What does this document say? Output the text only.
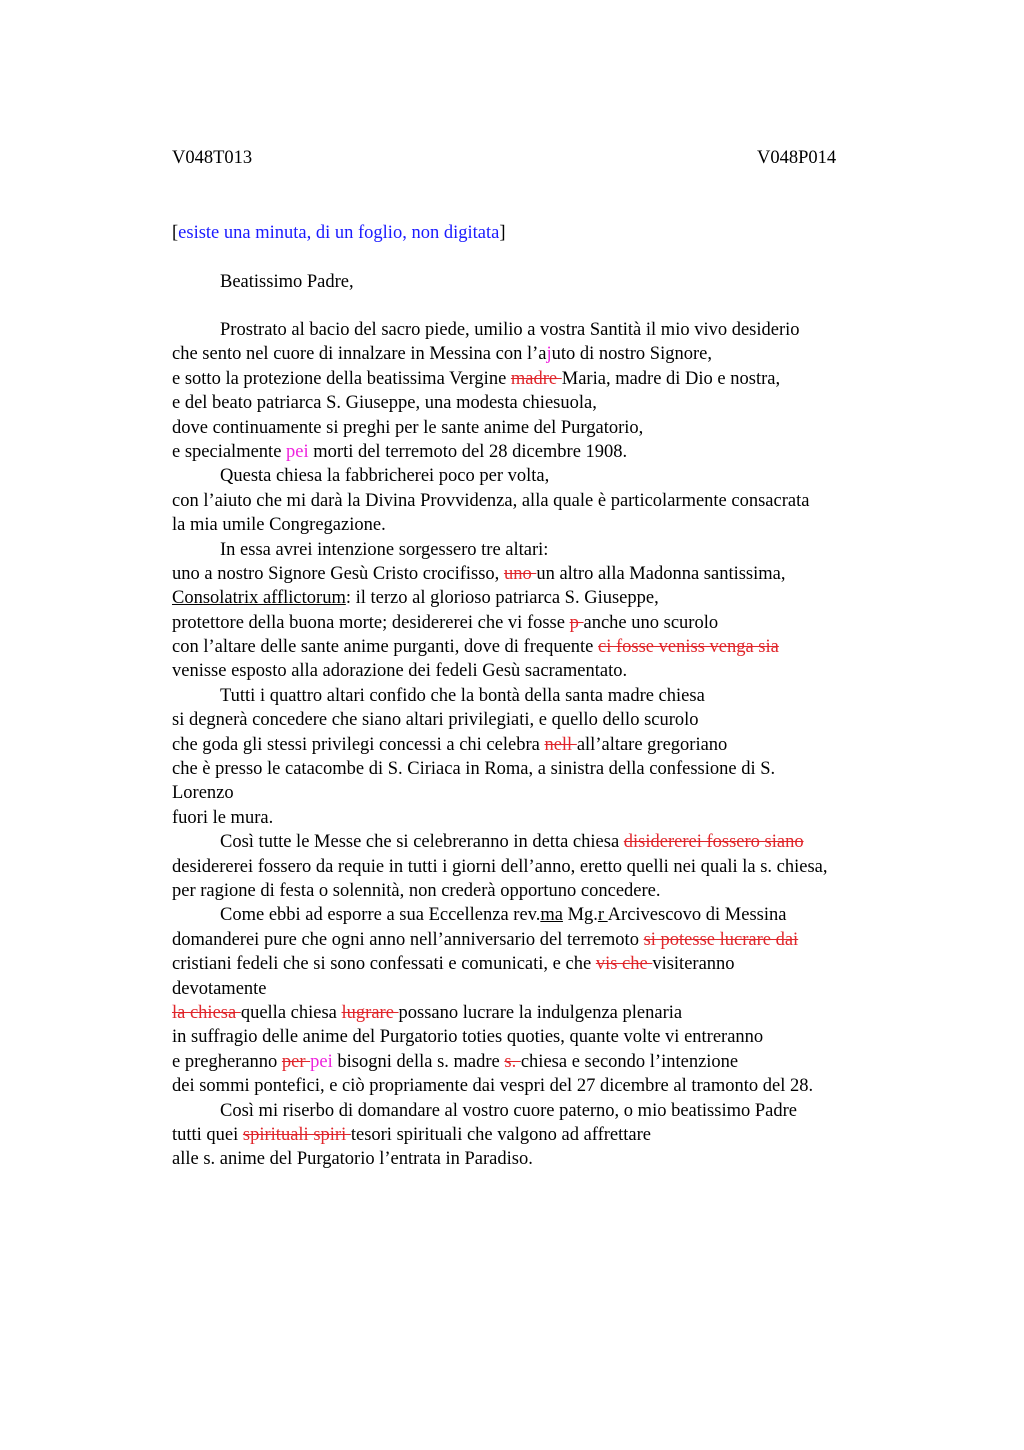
V048T013	V048P014
[esiste una minuta, di un foglio, non digitata]
Beatissimo Padre,
Prostrato al bacio del sacro piede, umilio a vostra Santità il mio vivo desiderio
che sento nel cuore di innalzare in Messina con l’ajuto di nostro Signore,
e sotto la protezione della beatissima Vergine madre Maria, madre di Dio e nostra,
e del beato patriarca S. Giuseppe, una modesta chiesuola,
dove continuamente si preghi per le sante anime del Purgatorio,
e specialmente pei morti del terremoto del 28 dicembre 1908.
Questa chiesa la fabbricherei poco per volta,
con l’aiuto che mi darà la Divina Provvidenza, alla quale è particolarmente consacrata
la mia umile Congregazione.
In essa avrei intenzione sorgessero tre altari:
uno a nostro Signore Gesù Cristo crocifisso, uno un altro alla Madonna santissima,
Consolatrix afflictorum: il terzo al glorioso patriarca S. Giuseppe,
protettore della buona morte; desidererei che vi fosse p anche uno scurolo
con l’altare delle sante anime purganti, dove di frequente ci fosse veniss venga sia
venisse esposto alla adorazione dei fedeli Gesù sacramentato.
Tutti i quattro altari confido che la bontà della santa madre chiesa
si degnerà concedere che siano altari privilegiati, e quello dello scurolo
che goda gli stessi privilegi concessi a chi celebra nell all’altare gregoriano
che è presso le catacombe di S. Ciriaca in Roma, a sinistra della confessione di S.
Lorenzo
fuori le mura.
Così tutte le Messe che si celebreranno in detta chiesa disidererei fossero siano
desidererei fossero da requie in tutti i giorni dell’anno, eretto quelli nei quali la s. chiesa,
per ragione di festa o solennità, non crederà opportuno concedere.
Come ebbi ad esporre a sua Eccellenza rev.ma Mg.r Arcivescovo di Messina
domanderei pure che ogni anno nell’anniversario del terremoto si potesse lucrare dai
cristiani fedeli che si sono confessati e comunicati, e che vis che visiteranno
devotamente
la chiesa quella chiesa lugrare possano lucrare la indulgenza plenaria
in suffragio delle anime del Purgatorio toties quoties, quante volte vi entreranno
e pregheranno per pei bisogni della s. madre s. chiesa e secondo l’intenzione
dei sommi pontefici, e ciò propriamente dai vespri del 27 dicembre al tramonto del 28.
Così mi riserbo di domandare al vostro cuore paterno, o mio beatissimo Padre
tutti quei spirituali spiri tesori spirituali che valgono ad affrettare
alle s. anime del Purgatorio l’entrata in Paradiso.
